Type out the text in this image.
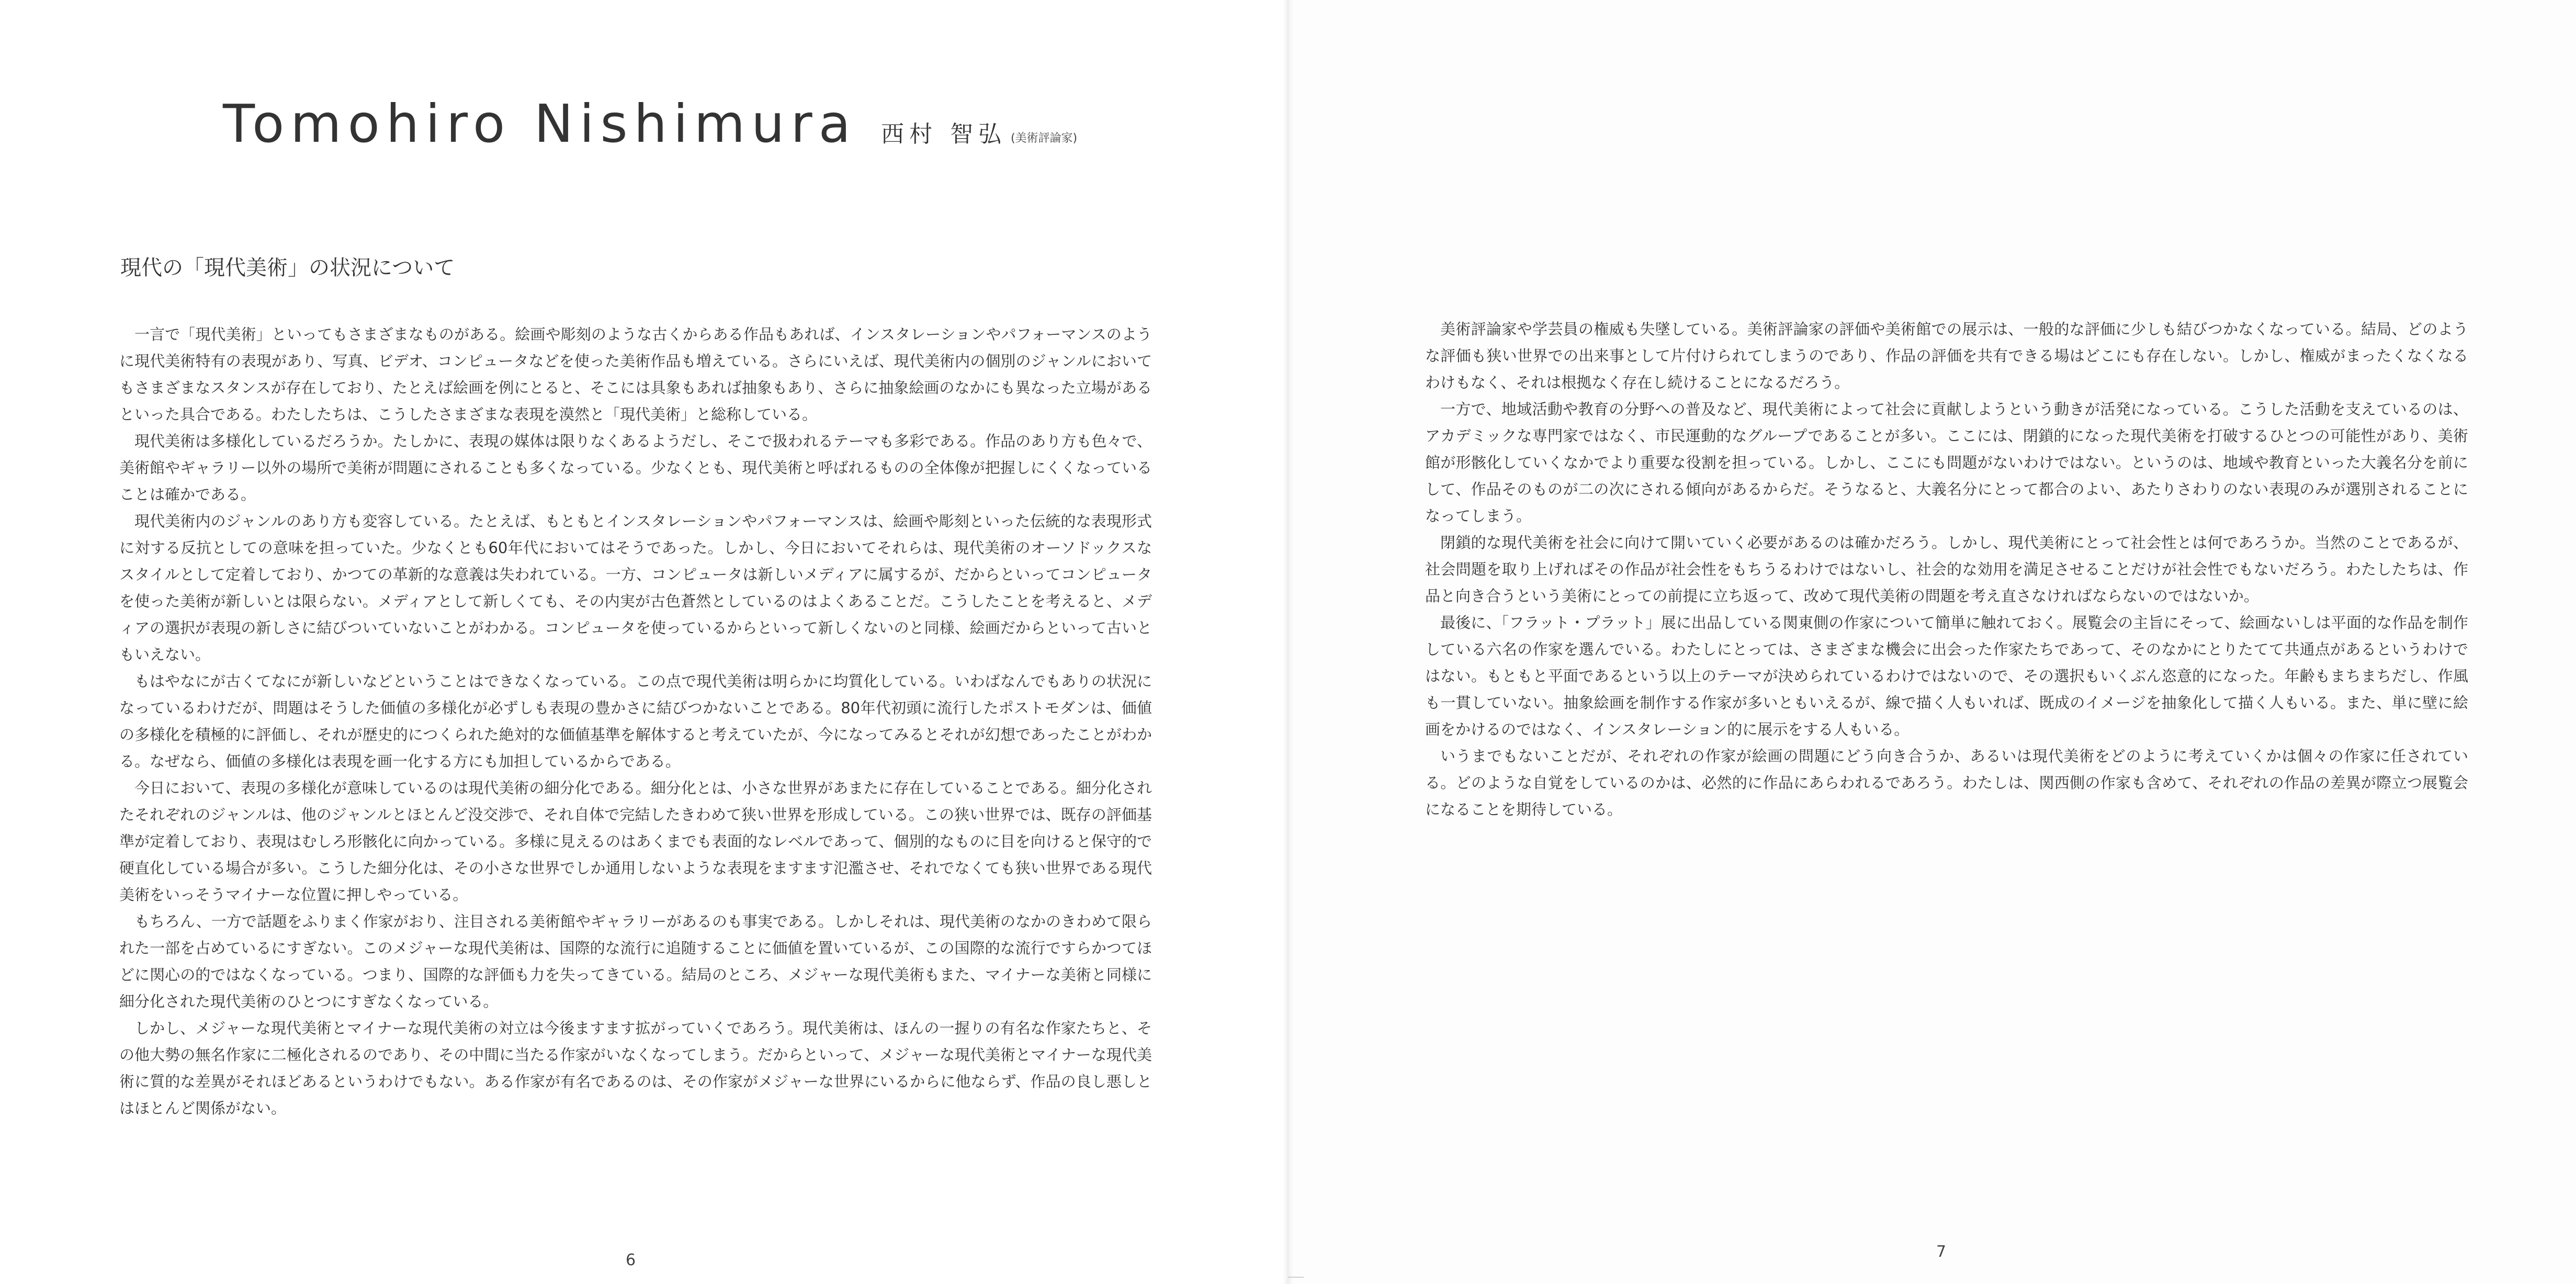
Tomohiro Nishimura 西村 智弘 (美術評論家)
現代の「現代美術」の状況について

一言で「現代美術」といってもさまざまなものがある。絵画や彫刻のような古くからある作品もあれば、インスタレーションやパフォーマンスのように現代美術特有の表現があり、写真、ビデオ、コンピュータなどを使った美術作品も増えている。さらにいえば、現代美術内の個別のジャンルにおいてもさまざまなスタンスが存在しており、たとえば絵画を例にとると、そこには具象もあれば抽象もあり、さらに抽象絵画のなかにも異なった立場があるといった具合である。わたしたちは、こうしたさまざまな表現を漠然と「現代美術」と総称している。

現代美術は多様化しているだろうか。たしかに、表現の媒体は限りなくあるようだし、そこで扱われるテーマも多彩である。作品のあり方も色々で、美術館やギャラリー以外の場所で美術が問題にされることも多くなっている。少なくとも、現代美術と呼ばれるものの全体像が把握しにくくなっていることは確かである。

現代美術内のジャンルのあり方も変容している。たとえば、もともとインスタレーションやパフォーマンスは、絵画や彫刻といった伝統的な表現形式に対する反抗としての意味を担っていた。少なくとも60年代においてはそうであった。しかし、今日においてそれらは、現代美術のオーソドックスなスタイルとして定着しており、かつての革新的な意義は失われている。一方、コンピュータは新しいメディアに属するが、だからといってコンピュータを使った美術が新しいとは限らない。メディアとして新しくても、その内実が古色蒼然としているのはよくあることだ。こうしたことを考えると、メディアの選択が表現の新しさに結びついていないことがわかる。コンピュータを使っているからといって新しくないのと同様、絵画だからといって古いともいえない。

もはやなにが古くてなにが新しいなどということはできなくなっている。この点で現代美術は明らかに均質化している。いわばなんでもありの状況になっているわけだが、問題はそうした価値の多様化が必ずしも表現の豊かさに結びつかないことである。80年代初頭に流行したポストモダンは、価値の多様化を積極的に評価し、それが歴史的につくられた絶対的な価値基準を解体すると考えていたが、今になってみるとそれが幻想であったことがわかる。なぜなら、価値の多様化は表現を画一化する方にも加担しているからである。

今日において、表現の多様化が意味しているのは現代美術の細分化である。細分化とは、小さな世界があまたに存在していることである。細分化されたそれぞれのジャンルは、他のジャンルとほとんど没交渉で、それ自体で完結したきわめて狭い世界を形成している。この狭い世界では、既存の評価基準が定着しており、表現はむしろ形骸化に向かっている。多様に見えるのはあくまでも表面的なレベルであって、個別的なものに目を向けると保守的で硬直化している場合が多い。こうした細分化は、その小さな世界でしか通用しないような表現をますます氾濫させ、それでなくても狭い世界である現代美術をいっそうマイナーな位置に押しやっている。

もちろん、一方で話題をふりまく作家がおり、注目される美術館やギャラリーがあるのも事実である。しかしそれは、現代美術のなかのきわめて限られた一部を占めているにすぎない。このメジャーな現代美術は、国際的な流行に追随することに価値を置いているが、この国際的な流行ですらかつてほどに関心の的ではなくなっている。つまり、国際的な評価も力を失ってきている。結局のところ、メジャーな現代美術もまた、マイナーな美術と同様に細分化された現代美術のひとつにすぎなくなっている。

しかし、メジャーな現代美術とマイナーな現代美術の対立は今後ますます拡がっていくであろう。現代美術は、ほんの一握りの有名な作家たちと、その他大勢の無名作家に二極化されるのであり、その中間に当たる作家がいなくなってしまう。だからといって、メジャーな現代美術とマイナーな現代美術に質的な差異がそれほどあるというわけでもない。ある作家が有名であるのは、その作家がメジャーな世界にいるからに他ならず、作品の良し悪しとはほとんど関係がない。

6

美術評論家や学芸員の権威も失墜している。美術評論家の評価や美術館での展示は、一般的な評価に少しも結びつかなくなっている。結局、どのような評価も狭い世界での出来事として片付けられてしまうのであり、作品の評価を共有できる場はどこにも存在しない。しかし、権威がまったくなくなるわけもなく、それは根拠なく存在し続けることになるだろう。

一方で、地域活動や教育の分野への普及など、現代美術によって社会に貢献しようという動きが活発になっている。こうした活動を支えているのは、アカデミックな専門家ではなく、市民運動的なグループであることが多い。ここには、閉鎖的になった現代美術を打破するひとつの可能性があり、美術館が形骸化していくなかでより重要な役割を担っている。しかし、ここにも問題がないわけではない。というのは、地域や教育といった大義名分を前にして、作品そのものが二の次にされる傾向があるからだ。そうなると、大義名分にとって都合のよい、あたりさわりのない表現のみが選別されることになってしまう。

閉鎖的な現代美術を社会に向けて開いていく必要があるのは確かだろう。しかし、現代美術にとって社会性とは何であろうか。当然のことであるが、社会問題を取り上げればその作品が社会性をもちうるわけではないし、社会的な効用を満足させることだけが社会性でもないだろう。わたしたちは、作品と向き合うという美術にとっての前提に立ち返って、改めて現代美術の問題を考え直さなければならないのではないか。

最後に、「フラット・プラット」展に出品している関東側の作家について簡単に触れておく。展覧会の主旨にそって、絵画ないしは平面的な作品を制作している六名の作家を選んでいる。わたしにとっては、さまざまな機会に出会った作家たちであって、そのなかにとりたてて共通点があるというわけではない。もともと平面であるという以上のテーマが決められているわけではないので、その選択もいくぶん恣意的になった。年齢もまちまちだし、作風も一貫していない。抽象絵画を制作する作家が多いともいえるが、線で描く人もいれば、既成のイメージを抽象化して描く人もいる。また、単に壁に絵画をかけるのではなく、インスタレーション的に展示をする人もいる。

いうまでもないことだが、それぞれの作家が絵画の問題にどう向き合うか、あるいは現代美術をどのように考えていくかは個々の作家に任されている。どのような自覚をしているのかは、必然的に作品にあらわれるであろう。わたしは、関西側の作家も含めて、それぞれの作品の差異が際立つ展覧会になることを期待している。

7
